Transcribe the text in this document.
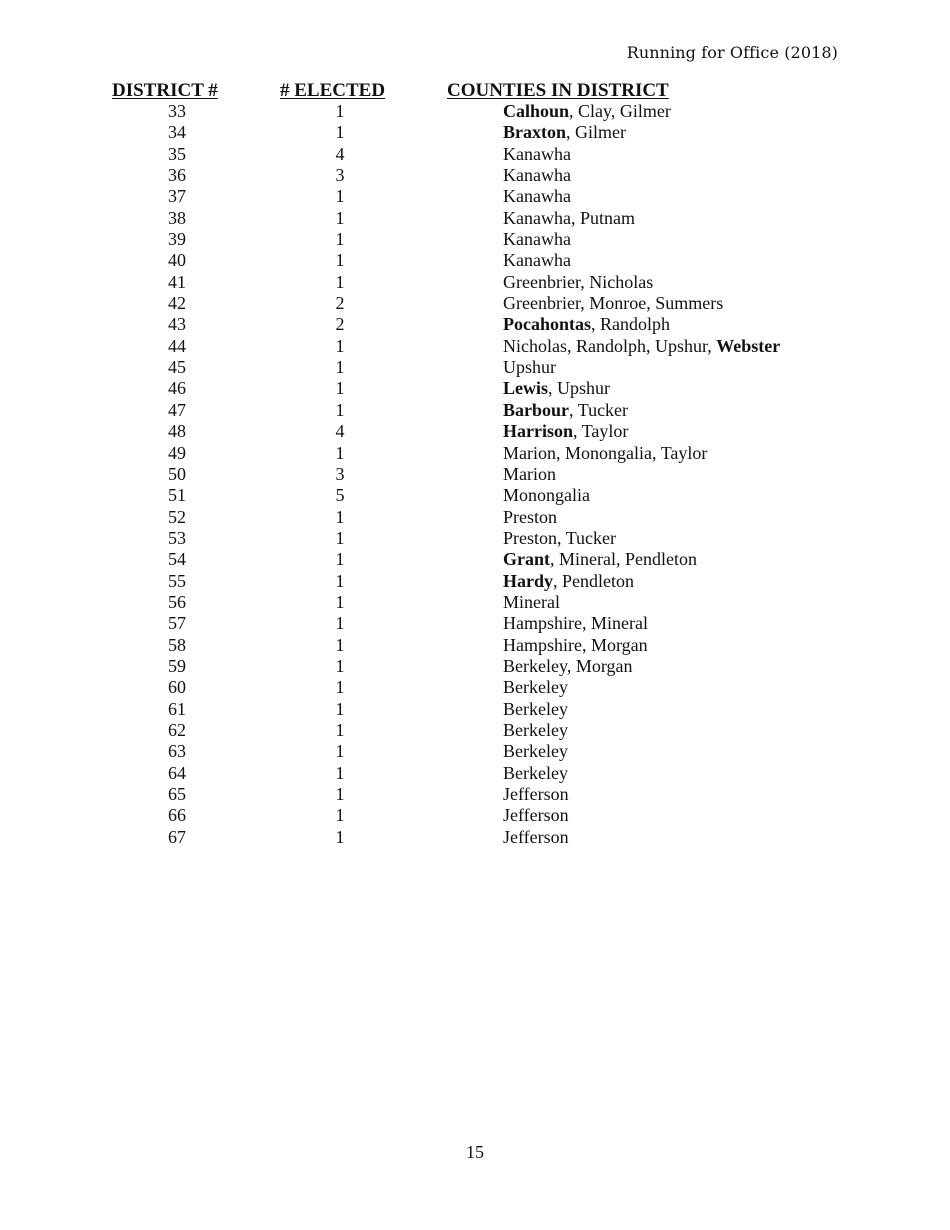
Running for Office (2018)
DISTRICT #	# ELECTED	COUNTIES IN DISTRICT
33	1	Calhoun, Clay, Gilmer
34	1	Braxton, Gilmer
35	4	Kanawha
36	3	Kanawha
37	1	Kanawha
38	1	Kanawha, Putnam
39	1	Kanawha
40	1	Kanawha
41	1	Greenbrier, Nicholas
42	2	Greenbrier, Monroe, Summers
43	2	Pocahontas, Randolph
44	1	Nicholas, Randolph, Upshur, Webster
45	1	Upshur
46	1	Lewis, Upshur
47	1	Barbour, Tucker
48	4	Harrison, Taylor
49	1	Marion, Monongalia, Taylor
50	3	Marion
51	5	Monongalia
52	1	Preston
53	1	Preston, Tucker
54	1	Grant, Mineral, Pendleton
55	1	Hardy, Pendleton
56	1	Mineral
57	1	Hampshire, Mineral
58	1	Hampshire, Morgan
59	1	Berkeley, Morgan
60	1	Berkeley
61	1	Berkeley
62	1	Berkeley
63	1	Berkeley
64	1	Berkeley
65	1	Jefferson
66	1	Jefferson
67	1	Jefferson
15
